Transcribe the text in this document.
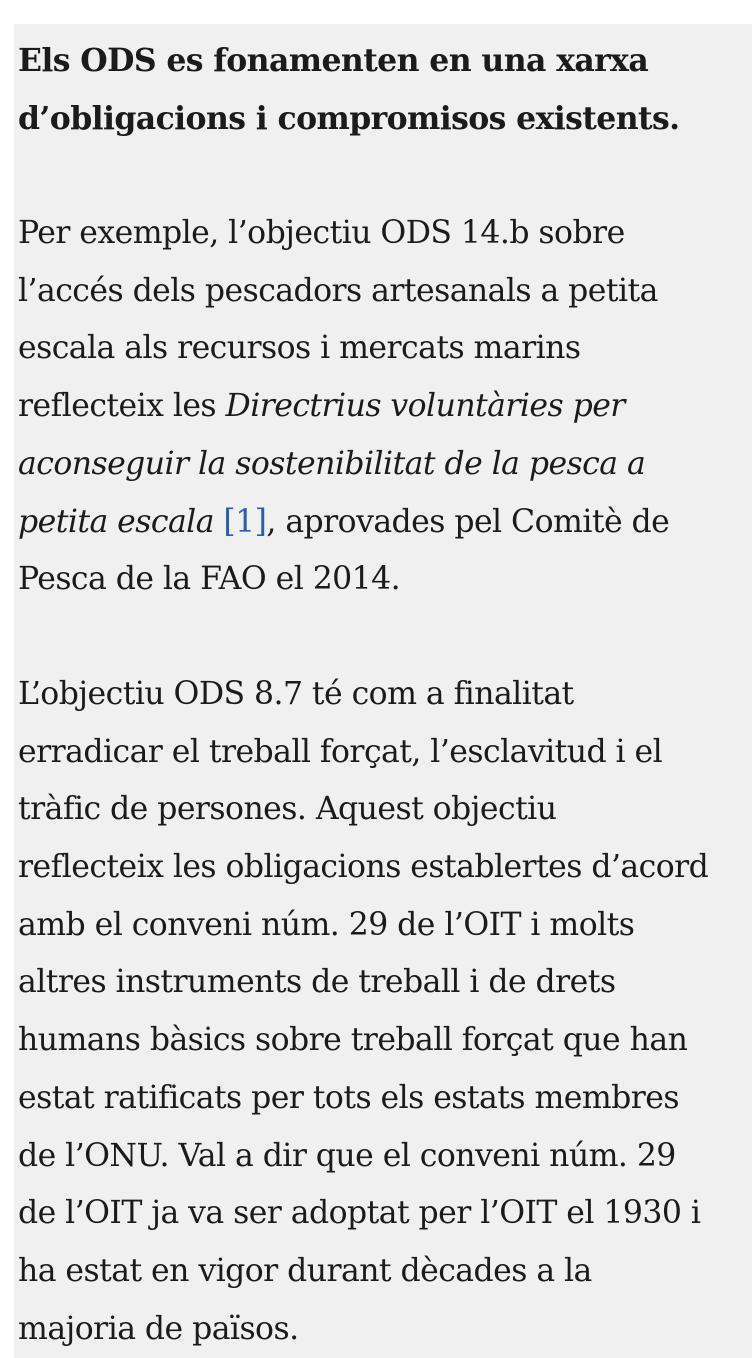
Els ODS es fonamenten en una xarxa
d’obligacions i compromisos existents.

Per exemple, l’objectiu ODS 14.b sobre
l’accés dels pescadors artesanals a petita
escala als recursos i mercats marins
reflecteix les Directrius voluntàries per
aconseguir la sostenibilitat de la pesca a
petita escala [1], aprovades pel Comitè de
Pesca de la FAO el 2014.

L’objectiu ODS 8.7 té com a finalitat
erradicar el treball forçat, l’esclavitud i el
tràfic de persones. Aquest objectiu
reflecteix les obligacions establertes d’acord
amb el conveni núm. 29 de l’OIT i molts
altres instruments de treball i de drets
humans bàsics sobre treball forçat que han
estat ratificats per tots els estats membres
de l’ONU. Val a dir que el conveni núm. 29
de l’OIT ja va ser adoptat per l’OIT el 1930 i
ha estat en vigor durant dècades a la
majoria de països.
